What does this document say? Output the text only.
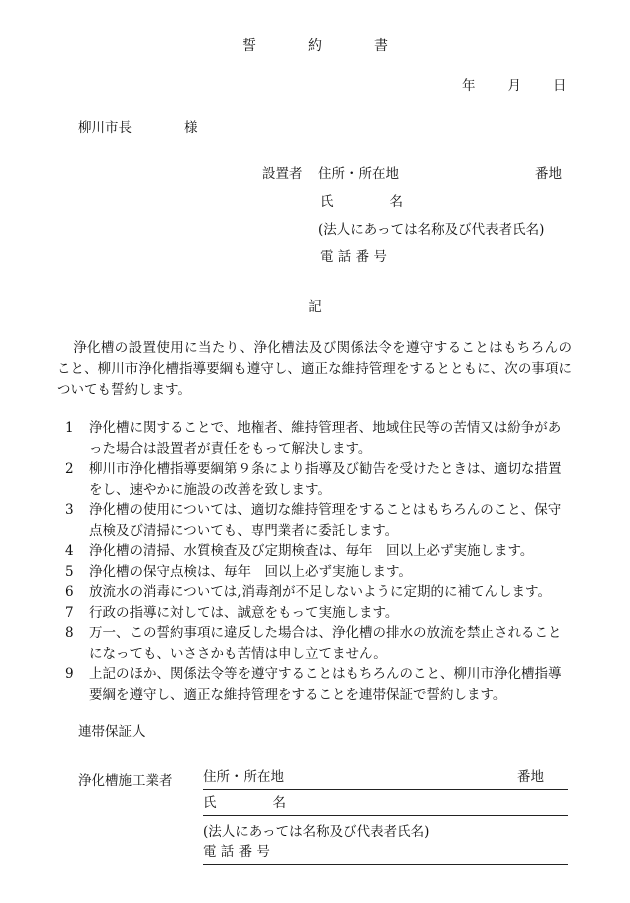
誓	約	書
年 月 日
柳川市長	様
設置者 住所・所在地	番地
氏	名
(法人にあっては名称及び代表者氏名)
電 話 番 号
記

浄化槽の設置使用に当たり、浄化槽法及び関係法令を遵守することはもちろんのこと、柳川市浄化槽指導要綱も遵守し、適正な維持管理をするとともに、次の事項についても誓約します。

1	浄化槽に関することで、地権者、維持管理者、地域住民等の苦情又は紛争があった場合は設置者が責任をもって解決します。
2	柳川市浄化槽指導要綱第９条により指導及び勧告を受けたときは、適切な措置をし、速やかに施設の改善を致します。
3	浄化槽の使用については、適切な維持管理をすることはもちろんのこと、保守点検及び清掃についても、専門業者に委託します。
4	浄化槽の清掃、水質検査及び定期検査は、毎年　回以上必ず実施します。
5	浄化槽の保守点検は、毎年　回以上必ず実施します。
6	放流水の消毒については,消毒剤が不足しないように定期的に補てんします。
7	行政の指導に対しては、誠意をもって実施します。
8	万一、この誓約事項に違反した場合は、浄化槽の排水の放流を禁止されることになっても、いささかも苦情は申し立てません。
9	上記のほか、関係法令等を遵守することはもちろんのこと、柳川市浄化槽指導要綱を遵守し、適正な維持管理をすることを連帯保証で誓約します。
連帯保証人
浄化槽施工業者 住所・所在地	番地
氏	名
(法人にあっては名称及び代表者氏名)
電 話 番 号
